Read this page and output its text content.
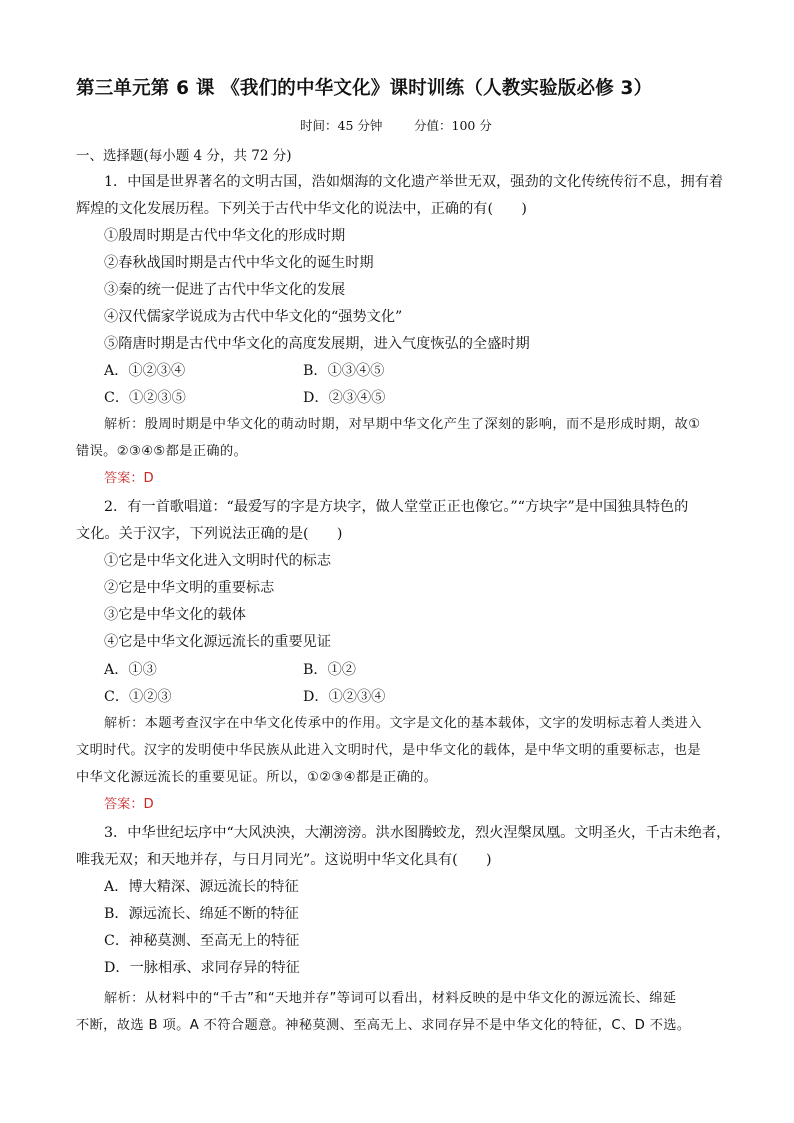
第三单元第 6 课 《我们的中华文化》课时训练（人教实验版必修 3）
时间：45 分钟	分值：100 分
一、选择题(每小题 4 分，共 72 分)
1．中国是世界著名的文明古国，浩如烟海的文化遗产举世无双，强劲的文化传统传衍不息，拥有着
辉煌的文化发展历程。下列关于古代中华文化的说法中，正确的有(　　)
①殷周时期是古代中华文化的形成时期
②春秋战国时期是古代中华文化的诞生时期
③秦的统一促进了古代中华文化的发展
④汉代儒家学说成为古代中华文化的“强势文化”
⑤隋唐时期是古代中华文化的高度发展期，进入气度恢弘的全盛时期
A．①②③④	B．①③④⑤
C．①②③⑤	D．②③④⑤
解析：殷周时期是中华文化的萌动时期，对早期中华文化产生了深刻的影响，而不是形成时期，故①
错误。②③④⑤都是正确的。
答案：D
2．有一首歌唱道：“最爱写的字是方块字，做人堂堂正正也像它。”“方块字”是中国独具特色的
文化。关于汉字，下列说法正确的是(　　)
①它是中华文化进入文明时代的标志
②它是中华文明的重要标志
③它是中华文化的载体
④它是中华文化源远流长的重要见证
A．①③	B．①②
C．①②③	D．①②③④
解析：本题考查汉字在中华文化传承中的作用。文字是文化的基本载体，文字的发明标志着人类进入
文明时代。汉字的发明使中华民族从此进入文明时代，是中华文化的载体，是中华文明的重要标志，也是
中华文化源远流长的重要见证。所以，①②③④都是正确的。
答案：D
3．中华世纪坛序中“大风泱泱，大潮滂滂。洪水图腾蛟龙，烈火涅槃凤凰。文明圣火，千古未绝者，
唯我无双；和天地并存，与日月同光”。这说明中华文化具有(　　)
A．博大精深、源远流长的特征
B．源远流长、绵延不断的特征
C．神秘莫测、至高无上的特征
D．一脉相承、求同存异的特征
解析：从材料中的“千古”和“天地并存”等词可以看出，材料反映的是中华文化的源远流长、绵延
不断，故选 B 项。A 不符合题意。神秘莫测、至高无上、求同存异不是中华文化的特征，C、D 不选。
